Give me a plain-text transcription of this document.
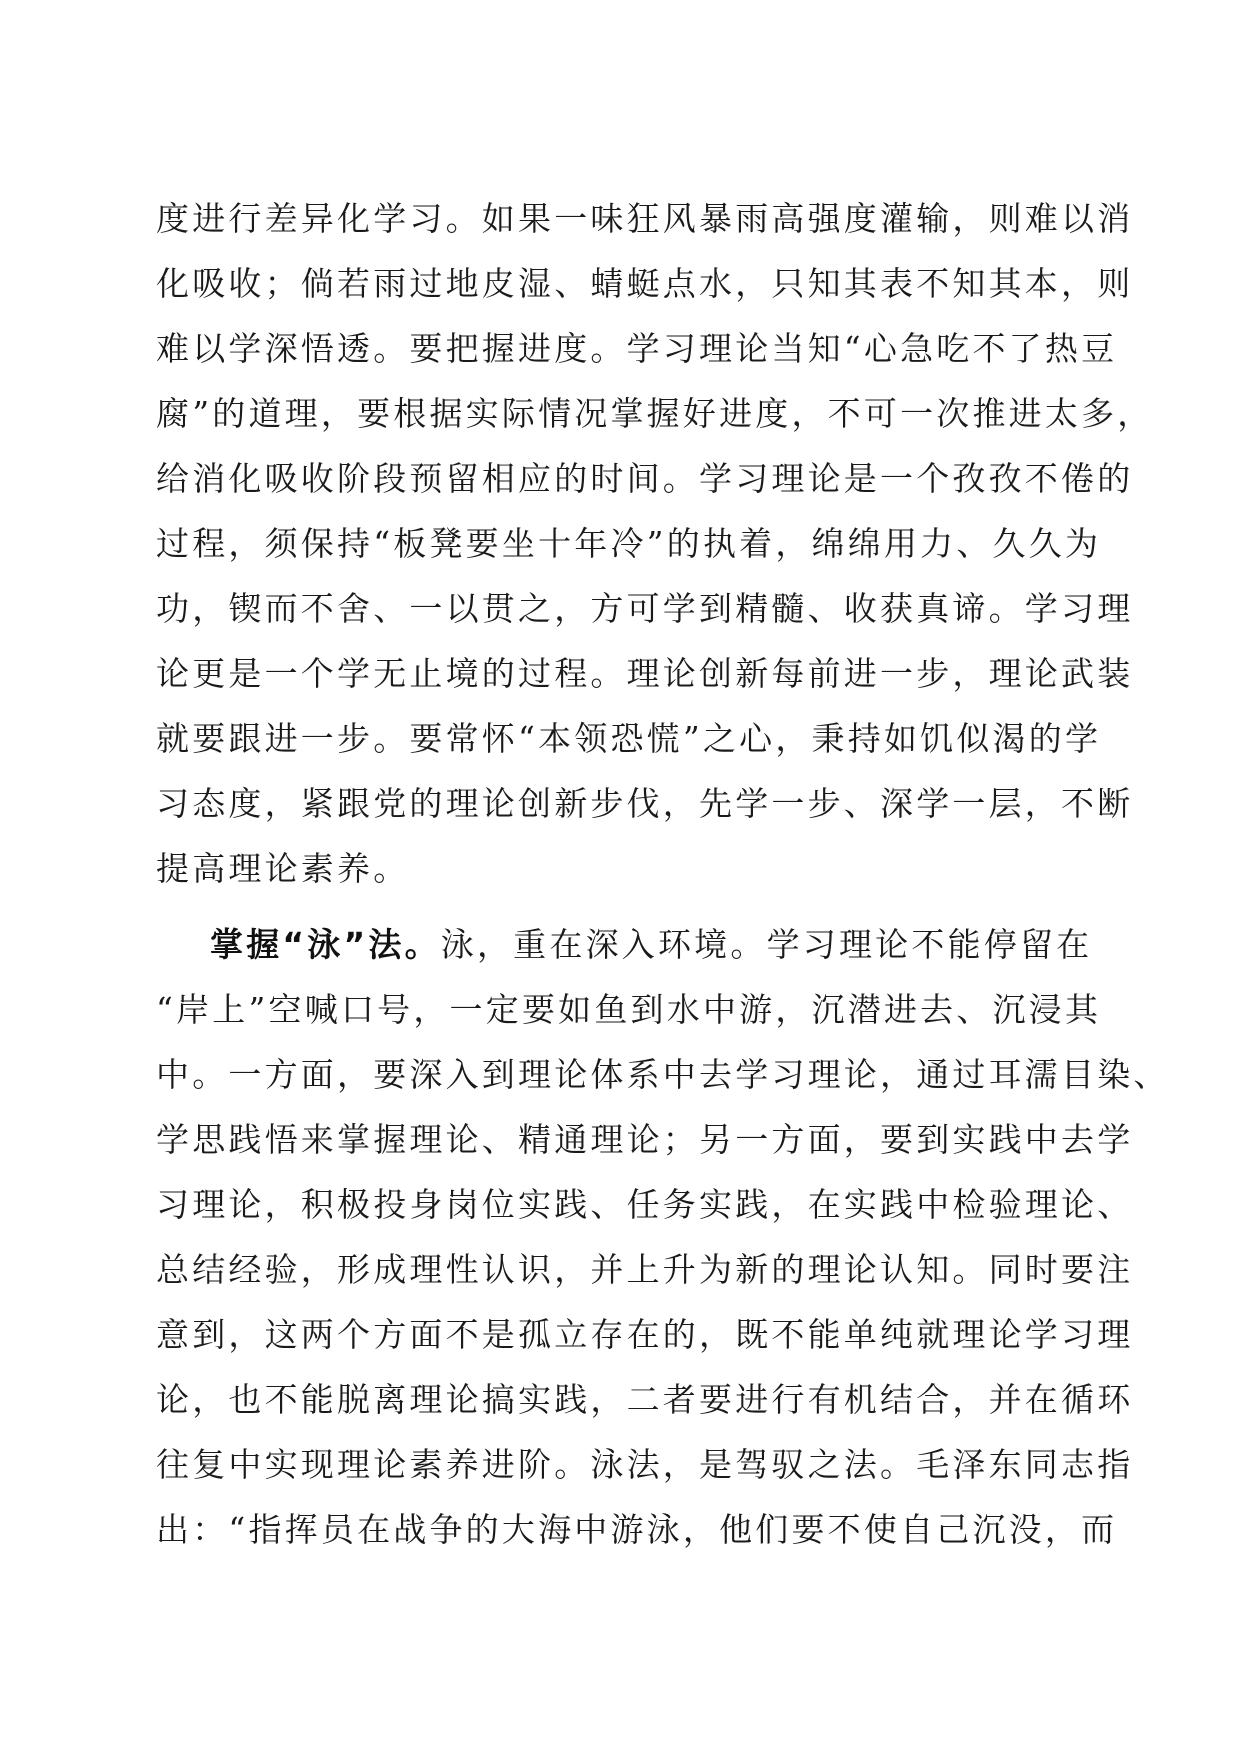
度进行差异化学习。如果一味狂风暴雨高强度灌输，则难以消
化吸收；倘若雨过地皮湿、蜻蜓点水，只知其表不知其本，则
难以学深悟透。要把握进度。学习理论当知“心急吃不了热豆
腐”的道理，要根据实际情况掌握好进度，不可一次推进太多，
给消化吸收阶段预留相应的时间。学习理论是一个孜孜不倦的
过程，须保持“板凳要坐十年冷”的执着，绵绵用力、久久为
功，锲而不舍、一以贯之，方可学到精髓、收获真谛。学习理
论更是一个学无止境的过程。理论创新每前进一步，理论武装
就要跟进一步。要常怀“本领恐慌”之心，秉持如饥似渴的学
习态度，紧跟党的理论创新步伐，先学一步、深学一层，不断
提高理论素养。
掌握“泳”法。泳，重在深入环境。学习理论不能停留在
“岸上”空喊口号，一定要如鱼到水中游，沉潜进去、沉浸其
中。一方面，要深入到理论体系中去学习理论，通过耳濡目染、
学思践悟来掌握理论、精通理论；另一方面，要到实践中去学
习理论，积极投身岗位实践、任务实践，在实践中检验理论、
总结经验，形成理性认识，并上升为新的理论认知。同时要注
意到，这两个方面不是孤立存在的，既不能单纯就理论学习理
论，也不能脱离理论搞实践，二者要进行有机结合，并在循环
往复中实现理论素养进阶。泳法，是驾驭之法。毛泽东同志指
出：“指挥员在战争的大海中游泳，他们要不使自己沉没，而
